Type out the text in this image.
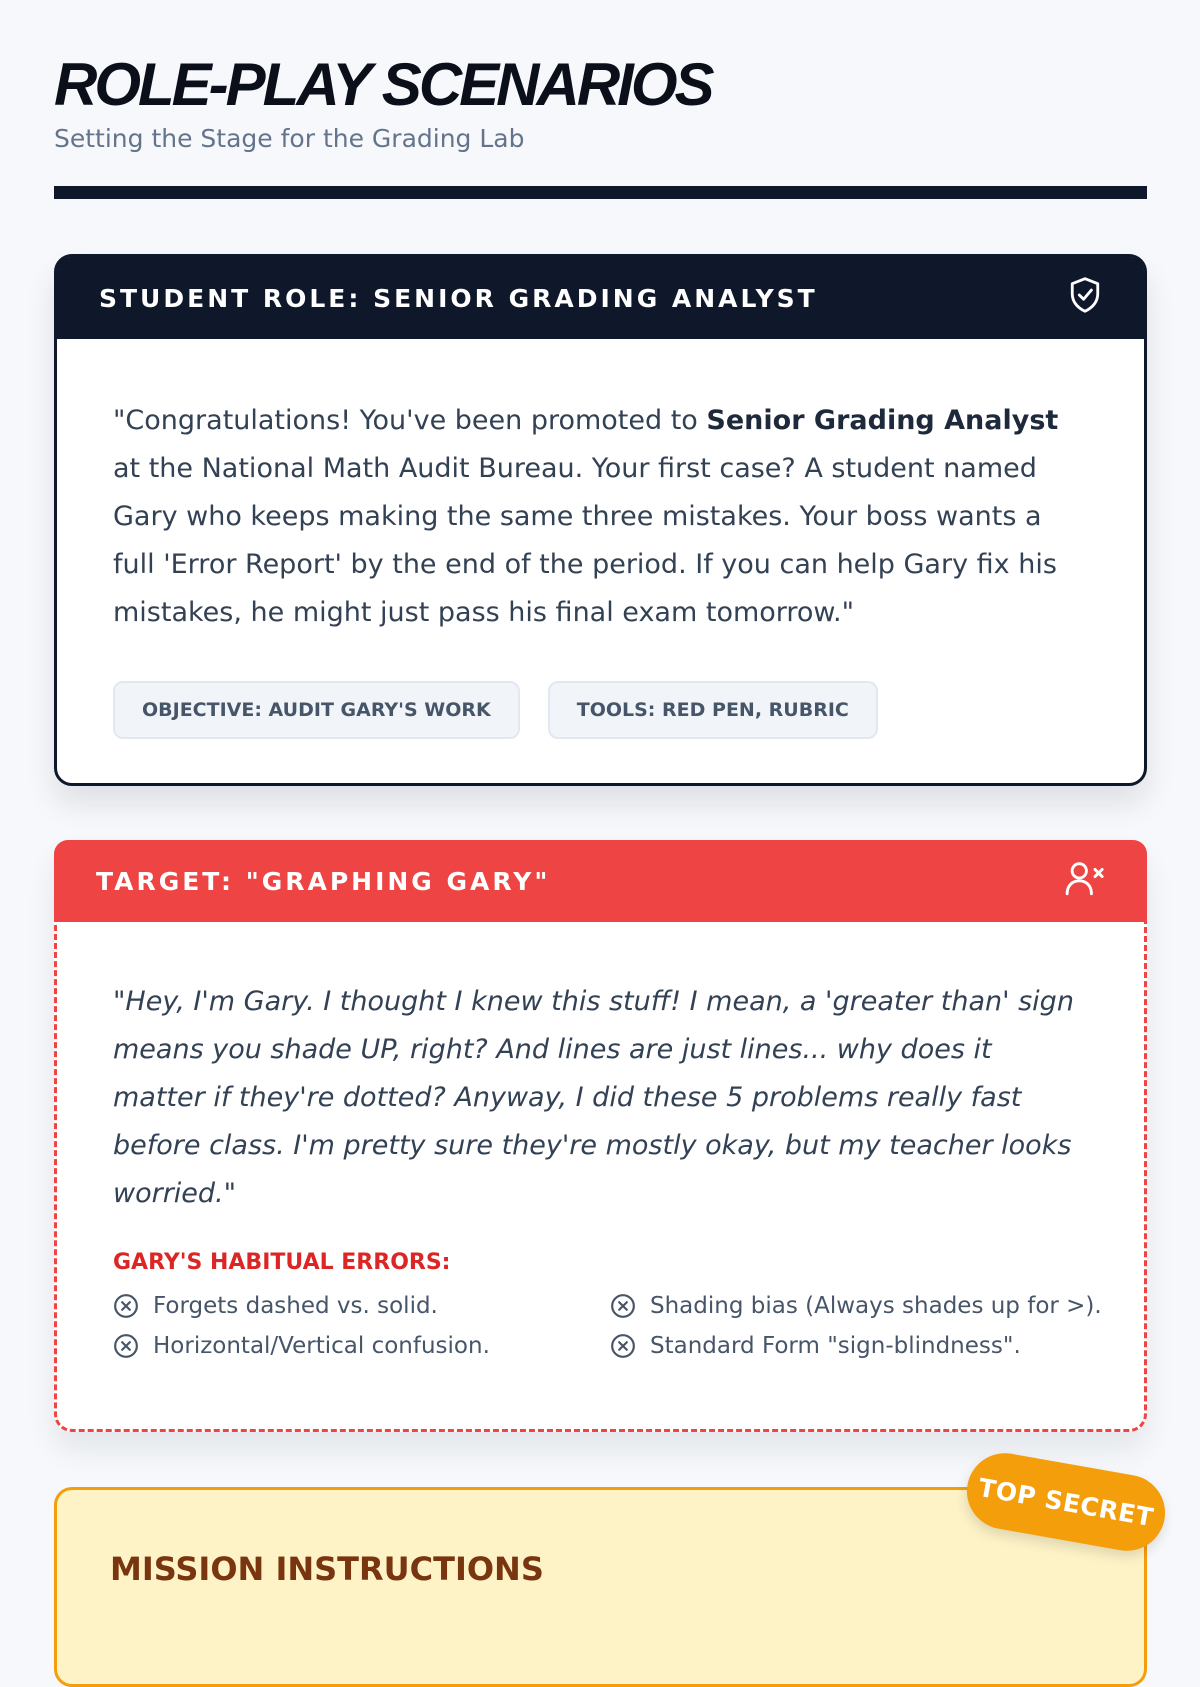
ROLE-PLAY SCENARIOS
Setting the Stage for the Grading Lab
STUDENT ROLE: SENIOR GRADING ANALYST

"Congratulations! You've been promoted to Senior Grading Analyst at the National Math Audit Bureau. Your first case? A student named Gary who keeps making the same three mistakes. Your boss wants a full 'Error Report' by the end of the period. If you can help Gary fix his mistakes, he might just pass his final exam tomorrow."

OBJECTIVE: AUDIT GARY'S WORK	TOOLS: RED PEN, RUBRIC
TARGET: "GRAPHING GARY"

"Hey, I'm Gary. I thought I knew this stuff! I mean, a 'greater than' sign means you shade UP, right? And lines are just lines... why does it matter if they're dotted? Anyway, I did these 5 problems really fast before class. I'm pretty sure they're mostly okay, but my teacher looks worried."

GARY'S HABITUAL ERRORS:
Forgets dashed vs. solid.	Shading bias (Always shades up for >).
Horizontal/Vertical confusion.	Standard Form "sign-blindness".
MISSION INSTRUCTIONS
TOP SECRET
